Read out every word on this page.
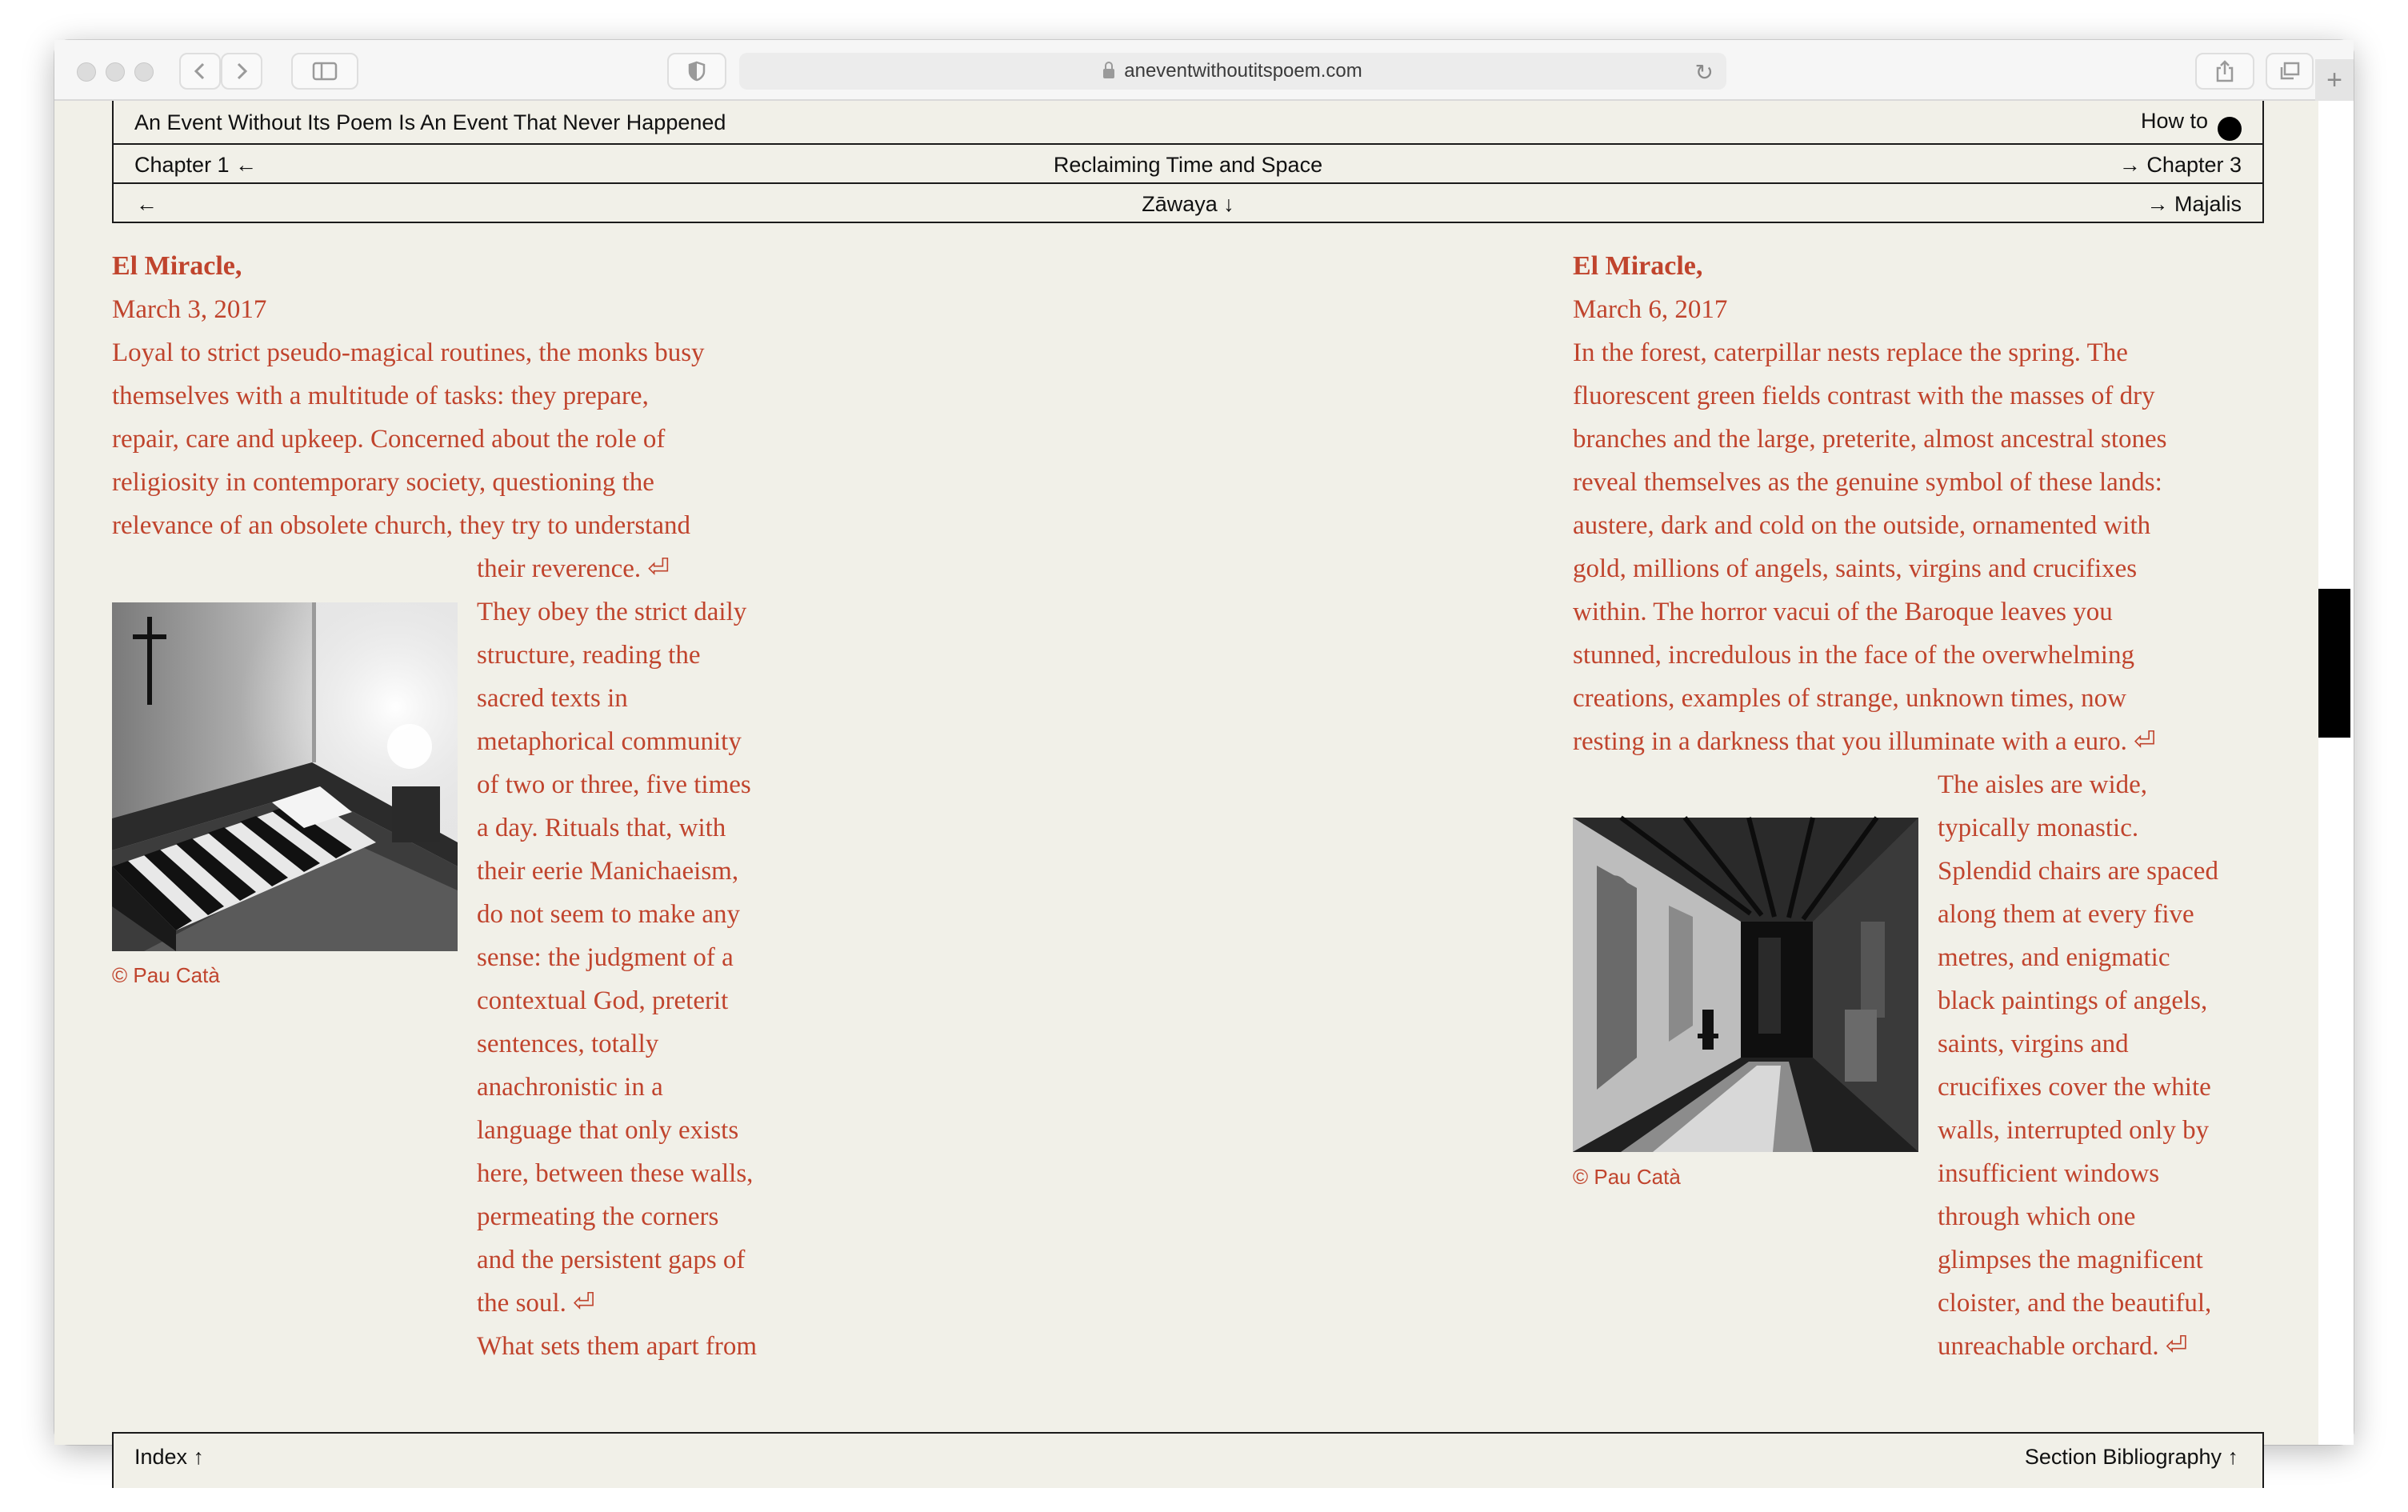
aneventwithoutitspoem.com	↻	+
An Event Without Its Poem Is An Event That Never Happened	How to
Chapter 1 ←	Reclaiming Time and Space	→ Chapter 3
←	Zāwaya ↓	→ Majalis
El Miracle,
March 3, 2017
Loyal to strict pseudo-magical routines, the monks busy
themselves with a multitude of tasks: they prepare,
repair, care and upkeep. Concerned about the role of
religiosity in contemporary society, questioning the
relevance of an obsolete church, they try to understand
their reverence. ⏎
They obey the strict daily
structure, reading the
sacred texts in
metaphorical community
of two or three, five times
a day. Rituals that, with
their eerie Manichaeism,
do not seem to make any
sense: the judgment of a
contextual God, preterit
sentences, totally
anachronistic in a
language that only exists
here, between these walls,
permeating the corners
and the persistent gaps of
the soul. ⏎
What sets them apart from
© Pau Catà
El Miracle,
March 6, 2017
In the forest, caterpillar nests replace the spring. The
fluorescent green fields contrast with the masses of dry
branches and the large, preterite, almost ancestral stones
reveal themselves as the genuine symbol of these lands:
austere, dark and cold on the outside, ornamented with
gold, millions of angels, saints, virgins and crucifixes
within. The horror vacui of the Baroque leaves you
stunned, incredulous in the face of the overwhelming
creations, examples of strange, unknown times, now
resting in a darkness that you illuminate with a euro. ⏎
The aisles are wide,
typically monastic.
Splendid chairs are spaced
along them at every five
metres, and enigmatic
black paintings of angels,
saints, virgins and
crucifixes cover the white
walls, interrupted only by
insufficient windows
through which one
glimpses the magnificent
cloister, and the beautiful,
unreachable orchard. ⏎
© Pau Catà
Index ↑	Section Bibliography ↑
